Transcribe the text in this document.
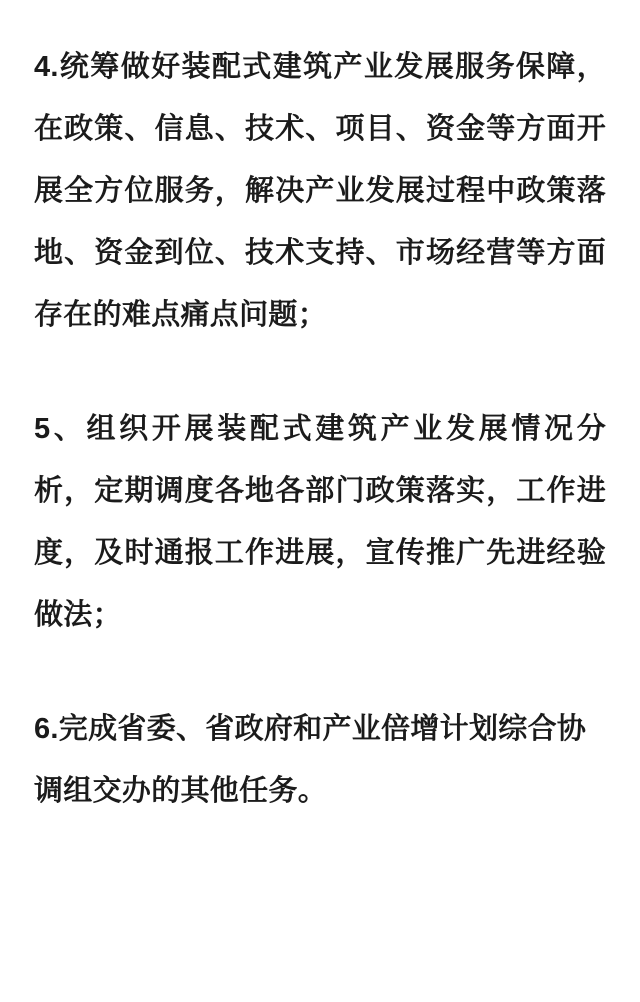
4.统筹做好装配式建筑产业发展服务保障，在政策、信息、技术、项目、资金等方面开展全方位服务，解决产业发展过程中政策落地、资金到位、技术支持、市场经营等方面存在的难点痛点问题；

5、组织开展装配式建筑产业发展情况分析，定期调度各地各部门政策落实，工作进度，及时通报工作进展，宣传推广先进经验做法；

6.完成省委、省政府和产业倍增计划综合协调组交办的其他任务。
